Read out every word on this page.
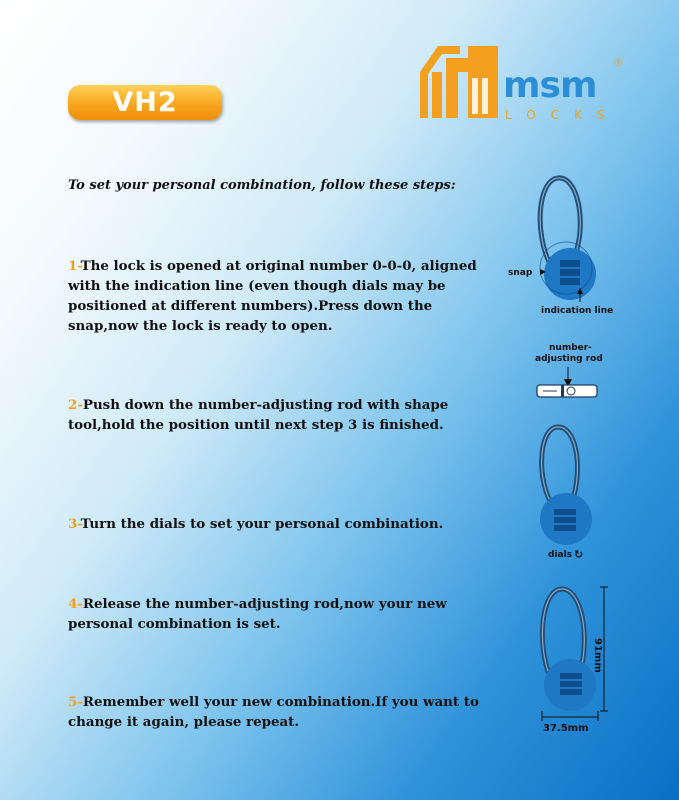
VH2	msm
LOCKS
®
To set your personal combination, follow these steps:
1-The lock is opened at original number 0-0-0, aligned with the indication line (even though dials may be positioned at different numbers).Press down the snap,now the lock is ready to open.
2-Push down the number-adjusting rod with shape tool,hold the position until next step 3 is finished.
3-Turn the dials to set your personal combination.
4-Release the number-adjusting rod,now your new personal combination is set.
5-Remember well your new combination.If you want to change it again, please repeat.
snap ▶
indication line
number-
adjusting rod
dials ↻
91mm
37.5mm
